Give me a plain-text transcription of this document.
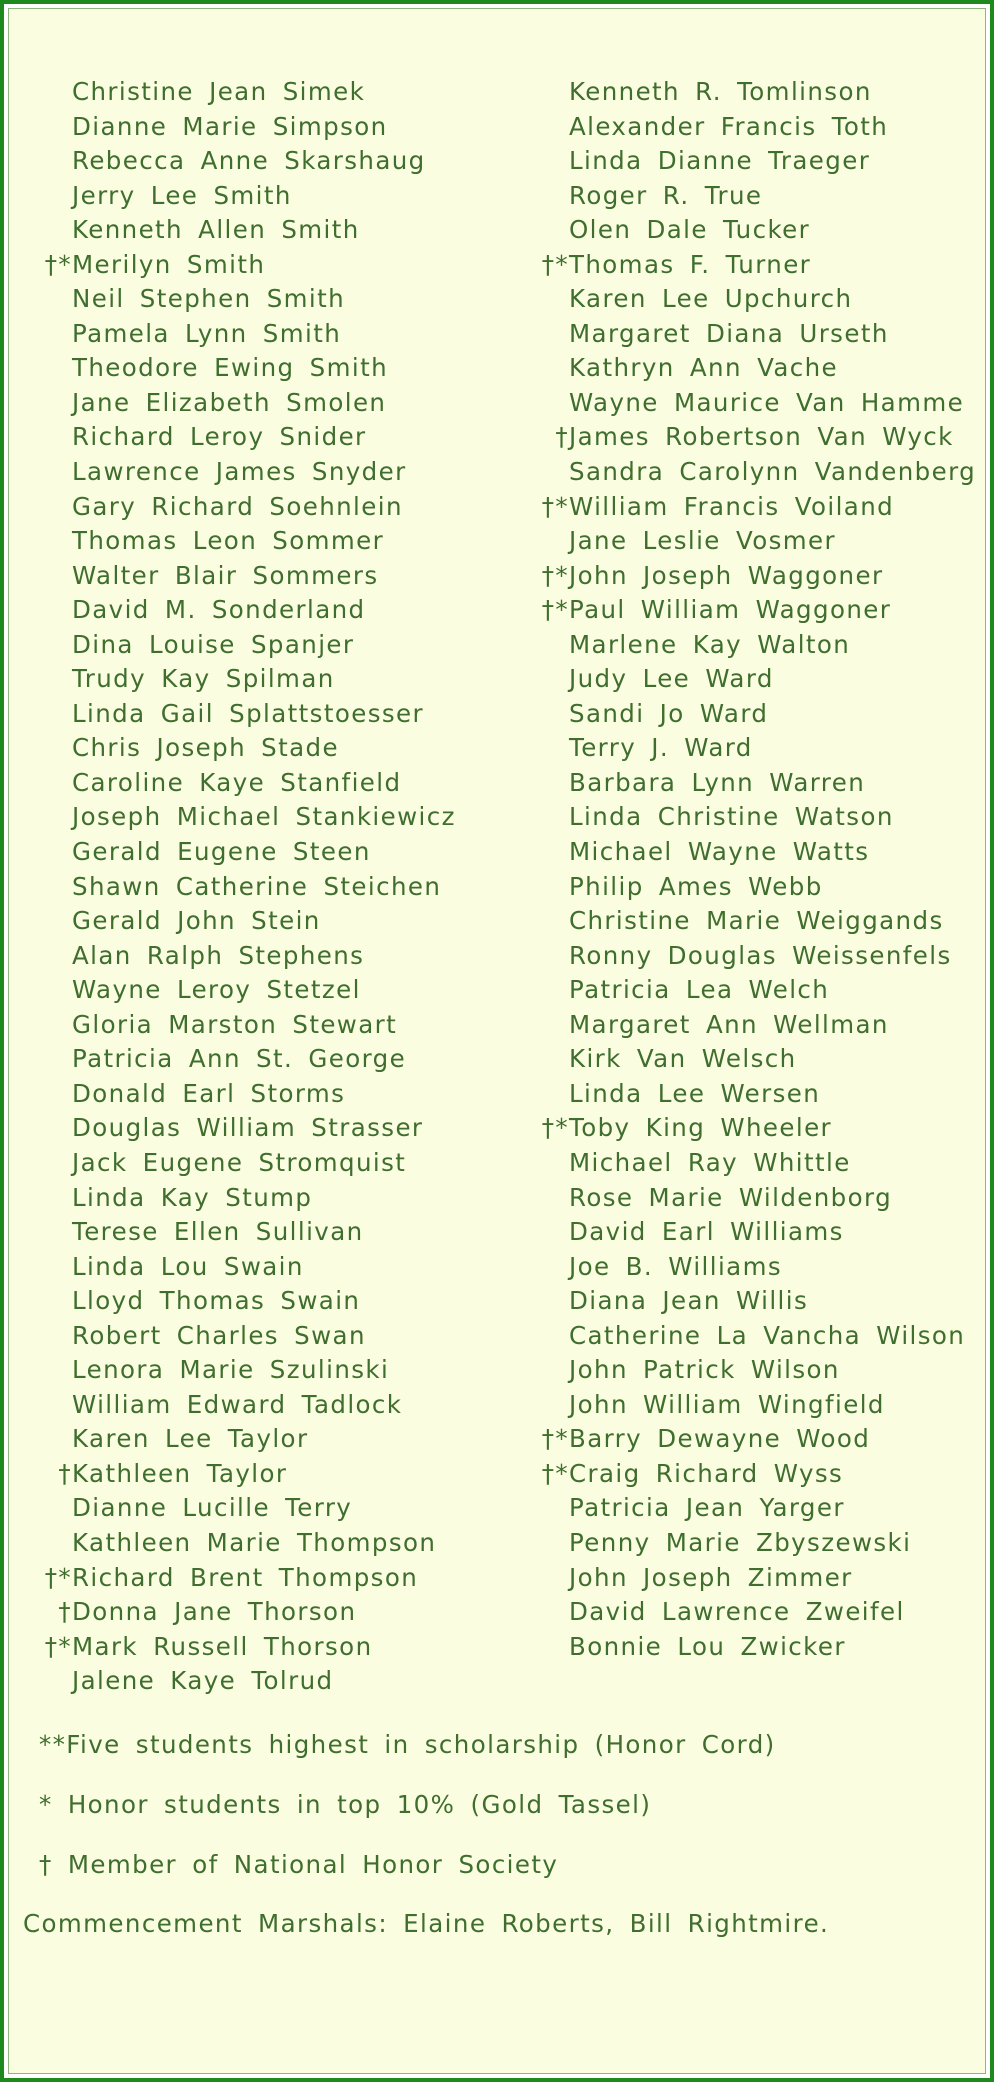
Christine Jean Simek
Dianne Marie Simpson
Rebecca Anne Skarshaug
Jerry Lee Smith
Kenneth Allen Smith
†*Merilyn Smith
Neil Stephen Smith
Pamela Lynn Smith
Theodore Ewing Smith
Jane Elizabeth Smolen
Richard Leroy Snider
Lawrence James Snyder
Gary Richard Soehnlein
Thomas Leon Sommer
Walter Blair Sommers
David M. Sonderland
Dina Louise Spanjer
Trudy Kay Spilman
Linda Gail Splattstoesser
Chris Joseph Stade
Caroline Kaye Stanfield
Joseph Michael Stankiewicz
Gerald Eugene Steen
Shawn Catherine Steichen
Gerald John Stein
Alan Ralph Stephens
Wayne Leroy Stetzel
Gloria Marston Stewart
Patricia Ann St. George
Donald Earl Storms
Douglas William Strasser
Jack Eugene Stromquist
Linda Kay Stump
Terese Ellen Sullivan
Linda Lou Swain
Lloyd Thomas Swain
Robert Charles Swan
Lenora Marie Szulinski
William Edward Tadlock
Karen Lee Taylor
†Kathleen Taylor
Dianne Lucille Terry
Kathleen Marie Thompson
†*Richard Brent Thompson
†Donna Jane Thorson
†*Mark Russell Thorson
Jalene Kaye Tolrud
Kenneth R. Tomlinson
Alexander Francis Toth
Linda Dianne Traeger
Roger R. True
Olen Dale Tucker
†*Thomas F. Turner
Karen Lee Upchurch
Margaret Diana Urseth
Kathryn Ann Vache
Wayne Maurice Van Hamme
†James Robertson Van Wyck
Sandra Carolynn Vandenberg
†*William Francis Voiland
Jane Leslie Vosmer
†*John Joseph Waggoner
†*Paul William Waggoner
Marlene Kay Walton
Judy Lee Ward
Sandi Jo Ward
Terry J. Ward
Barbara Lynn Warren
Linda Christine Watson
Michael Wayne Watts
Philip Ames Webb
Christine Marie Weiggands
Ronny Douglas Weissenfels
Patricia Lea Welch
Margaret Ann Wellman
Kirk Van Welsch
Linda Lee Wersen
†*Toby King Wheeler
Michael Ray Whittle
Rose Marie Wildenborg
David Earl Williams
Joe B. Williams
Diana Jean Willis
Catherine La Vancha Wilson
John Patrick Wilson
John William Wingfield
†*Barry Dewayne Wood
†*Craig Richard Wyss
Patricia Jean Yarger
Penny Marie Zbyszewski
John Joseph Zimmer
David Lawrence Zweifel
Bonnie Lou Zwicker
**Five students highest in scholarship (Honor Cord)
* Honor students in top 10% (Gold Tassel)
† Member of National Honor Society
Commencement Marshals: Elaine Roberts, Bill Rightmire.
